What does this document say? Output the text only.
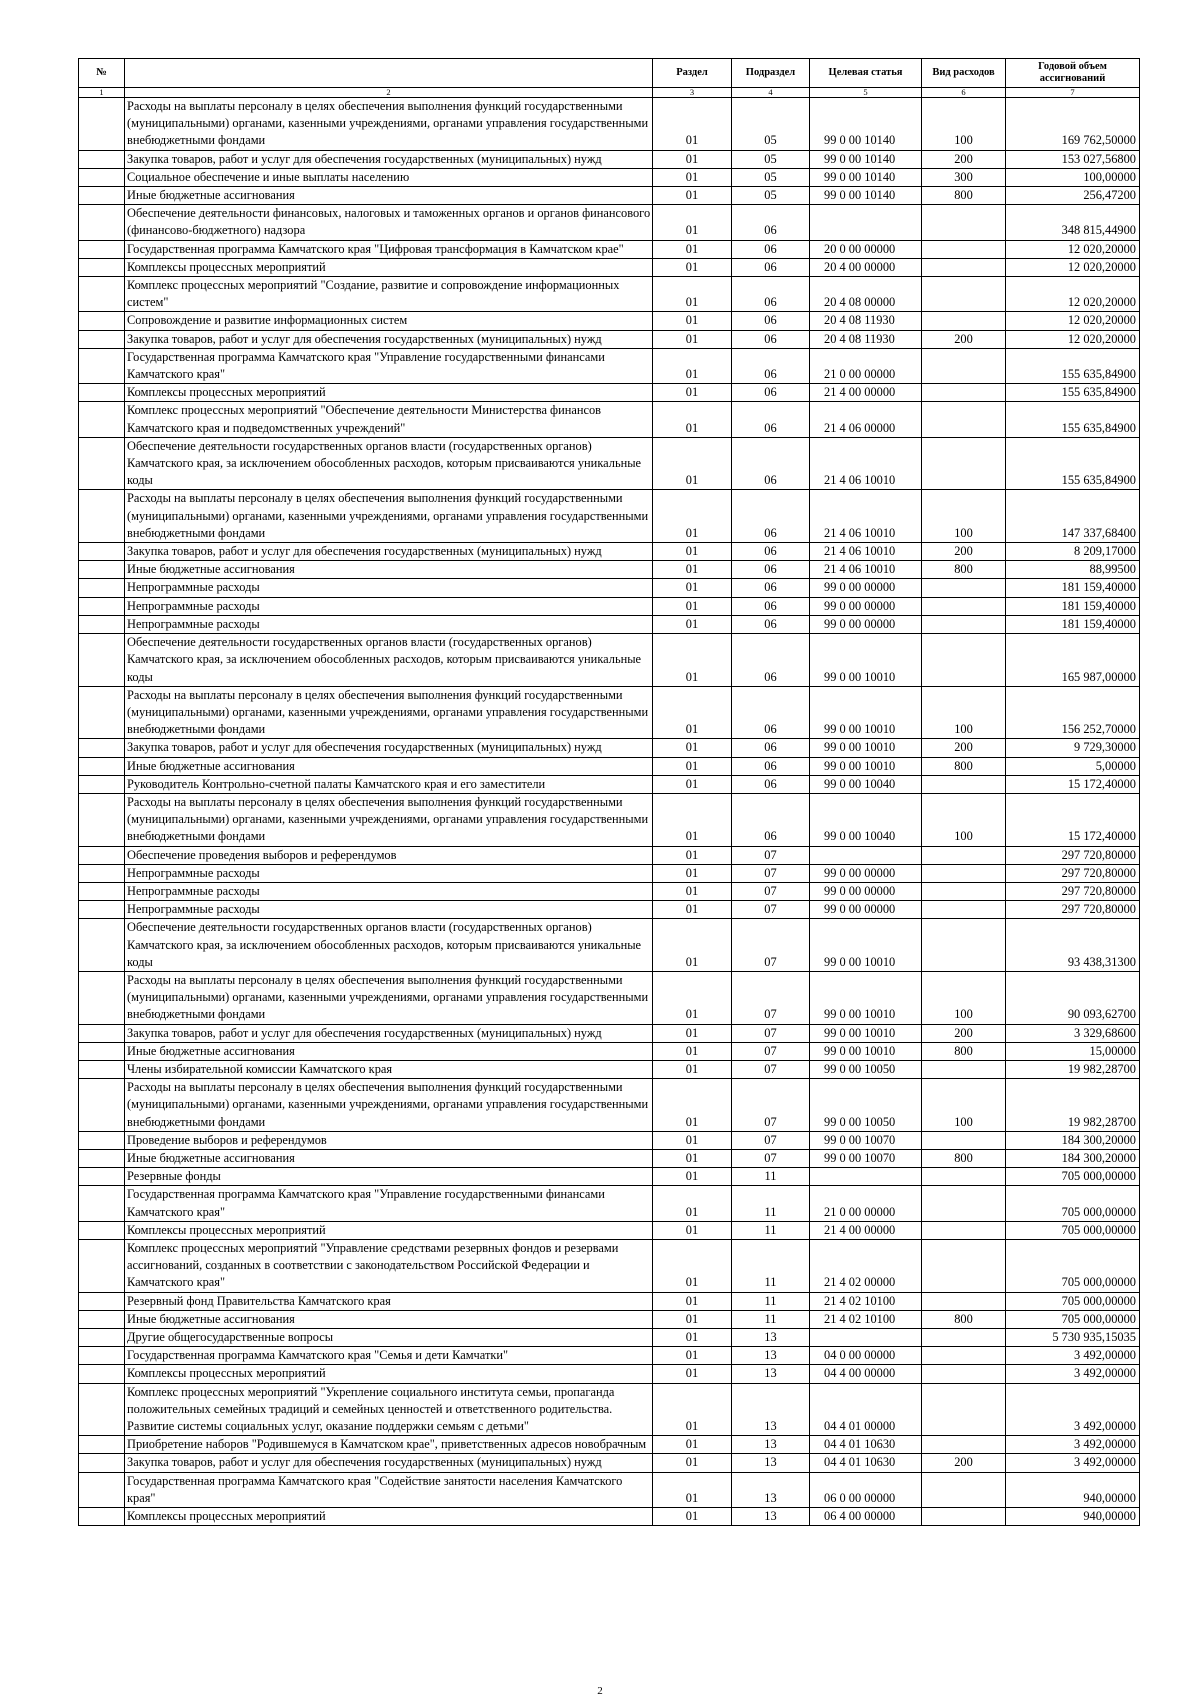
№		Раздел	Подраздел	Целевая статья	Вид расходов	Годовой объем ассигнований
1	2	3	4	5	6	7
	Расходы на выплаты персоналу в целях обеспечения выполнения функций государственными (муниципальными) органами, казенными учреждениями, органами управления государственными внебюджетными фондами	01	05	99 0 00 10140	100	169 762,50000
	Закупка товаров, работ и услуг для обеспечения государственных (муниципальных) нужд	01	05	99 0 00 10140	200	153 027,56800
	Социальное обеспечение и иные выплаты населению	01	05	99 0 00 10140	300	100,00000
	Иные бюджетные ассигнования	01	05	99 0 00 10140	800	256,47200
	Обеспечение деятельности финансовых, налоговых и таможенных органов и органов финансового (финансово-бюджетного) надзора	01	06			348 815,44900
	Государственная программа Камчатского края "Цифровая трансформация в Камчатском крае"	01	06	20 0 00 00000		12 020,20000
	Комплексы процессных мероприятий	01	06	20 4 00 00000		12 020,20000
	Комплекс процессных мероприятий "Создание, развитие и сопровождение информационных систем"	01	06	20 4 08 00000		12 020,20000
	Сопровождение и развитие информационных систем	01	06	20 4 08 11930		12 020,20000
	Закупка товаров, работ и услуг для обеспечения государственных (муниципальных) нужд	01	06	20 4 08 11930	200	12 020,20000
	Государственная программа Камчатского края "Управление государственными финансами Камчатского края"	01	06	21 0 00 00000		155 635,84900
	Комплексы процессных мероприятий	01	06	21 4 00 00000		155 635,84900
	Комплекс процессных мероприятий "Обеспечение деятельности Министерства финансов Камчатского края и подведомственных учреждений"	01	06	21 4 06 00000		155 635,84900
	Обеспечение деятельности государственных органов власти (государственных органов) Камчатского края, за исключением обособленных расходов, которым присваиваются уникальные коды	01	06	21 4 06 10010		155 635,84900
	Расходы на выплаты персоналу в целях обеспечения выполнения функций государственными (муниципальными) органами, казенными учреждениями, органами управления государственными внебюджетными фондами	01	06	21 4 06 10010	100	147 337,68400
	Закупка товаров, работ и услуг для обеспечения государственных (муниципальных) нужд	01	06	21 4 06 10010	200	8 209,17000
	Иные бюджетные ассигнования	01	06	21 4 06 10010	800	88,99500
	Непрограммные расходы	01	06	99 0 00 00000		181 159,40000
	Непрограммные расходы	01	06	99 0 00 00000		181 159,40000
	Непрограммные расходы	01	06	99 0 00 00000		181 159,40000
	Обеспечение деятельности государственных органов власти (государственных органов) Камчатского края, за исключением обособленных расходов, которым присваиваются уникальные коды	01	06	99 0 00 10010		165 987,00000
	Расходы на выплаты персоналу в целях обеспечения выполнения функций государственными (муниципальными) органами, казенными учреждениями, органами управления государственными внебюджетными фондами	01	06	99 0 00 10010	100	156 252,70000
	Закупка товаров, работ и услуг для обеспечения государственных (муниципальных) нужд	01	06	99 0 00 10010	200	9 729,30000
	Иные бюджетные ассигнования	01	06	99 0 00 10010	800	5,00000
	Руководитель Контрольно-счетной палаты Камчатского края и его заместители	01	06	99 0 00 10040		15 172,40000
	Расходы на выплаты персоналу в целях обеспечения выполнения функций государственными (муниципальными) органами, казенными учреждениями, органами управления государственными внебюджетными фондами	01	06	99 0 00 10040	100	15 172,40000
	Обеспечение проведения выборов и референдумов	01	07			297 720,80000
	Непрограммные расходы	01	07	99 0 00 00000		297 720,80000
	Непрограммные расходы	01	07	99 0 00 00000		297 720,80000
	Непрограммные расходы	01	07	99 0 00 00000		297 720,80000
	Обеспечение деятельности государственных органов власти (государственных органов) Камчатского края, за исключением обособленных расходов, которым присваиваются уникальные коды	01	07	99 0 00 10010		93 438,31300
	Расходы на выплаты персоналу в целях обеспечения выполнения функций государственными (муниципальными) органами, казенными учреждениями, органами управления государственными внебюджетными фондами	01	07	99 0 00 10010	100	90 093,62700
	Закупка товаров, работ и услуг для обеспечения государственных (муниципальных) нужд	01	07	99 0 00 10010	200	3 329,68600
	Иные бюджетные ассигнования	01	07	99 0 00 10010	800	15,00000
	Члены избирательной комиссии Камчатского края	01	07	99 0 00 10050		19 982,28700
	Расходы на выплаты персоналу в целях обеспечения выполнения функций государственными (муниципальными) органами, казенными учреждениями, органами управления государственными внебюджетными фондами	01	07	99 0 00 10050	100	19 982,28700
	Проведение выборов и референдумов	01	07	99 0 00 10070		184 300,20000
	Иные бюджетные ассигнования	01	07	99 0 00 10070	800	184 300,20000
	Резервные фонды	01	11			705 000,00000
	Государственная программа Камчатского края "Управление государственными финансами Камчатского края"	01	11	21 0 00 00000		705 000,00000
	Комплексы процессных мероприятий	01	11	21 4 00 00000		705 000,00000
	Комплекс процессных мероприятий "Управление средствами резервных фондов и резервами ассигнований, созданных в соответствии с законодательством Российской Федерации и Камчатского края"	01	11	21 4 02 00000		705 000,00000
	Резервный фонд Правительства Камчатского края	01	11	21 4 02 10100		705 000,00000
	Иные бюджетные ассигнования	01	11	21 4 02 10100	800	705 000,00000
	Другие общегосударственные вопросы	01	13			5 730 935,15035
	Государственная программа Камчатского края "Семья и дети Камчатки"	01	13	04 0 00 00000		3 492,00000
	Комплексы процессных мероприятий	01	13	04 4 00 00000		3 492,00000
	Комплекс процессных мероприятий "Укрепление социального института семьи, пропаганда положительных семейных традиций и семейных ценностей и ответственного родительства. Развитие системы социальных услуг, оказание поддержки семьям с детьми"	01	13	04 4 01 00000		3 492,00000
	Приобретение наборов "Родившемуся в Камчатском крае", приветственных адресов новобрачным	01	13	04 4 01 10630		3 492,00000
	Закупка товаров, работ и услуг для обеспечения государственных (муниципальных) нужд	01	13	04 4 01 10630	200	3 492,00000
	Государственная программа Камчатского края "Содействие занятости населения Камчатского края"	01	13	06 0 00 00000		940,00000
	Комплексы процессных мероприятий	01	13	06 4 00 00000		940,00000
2
